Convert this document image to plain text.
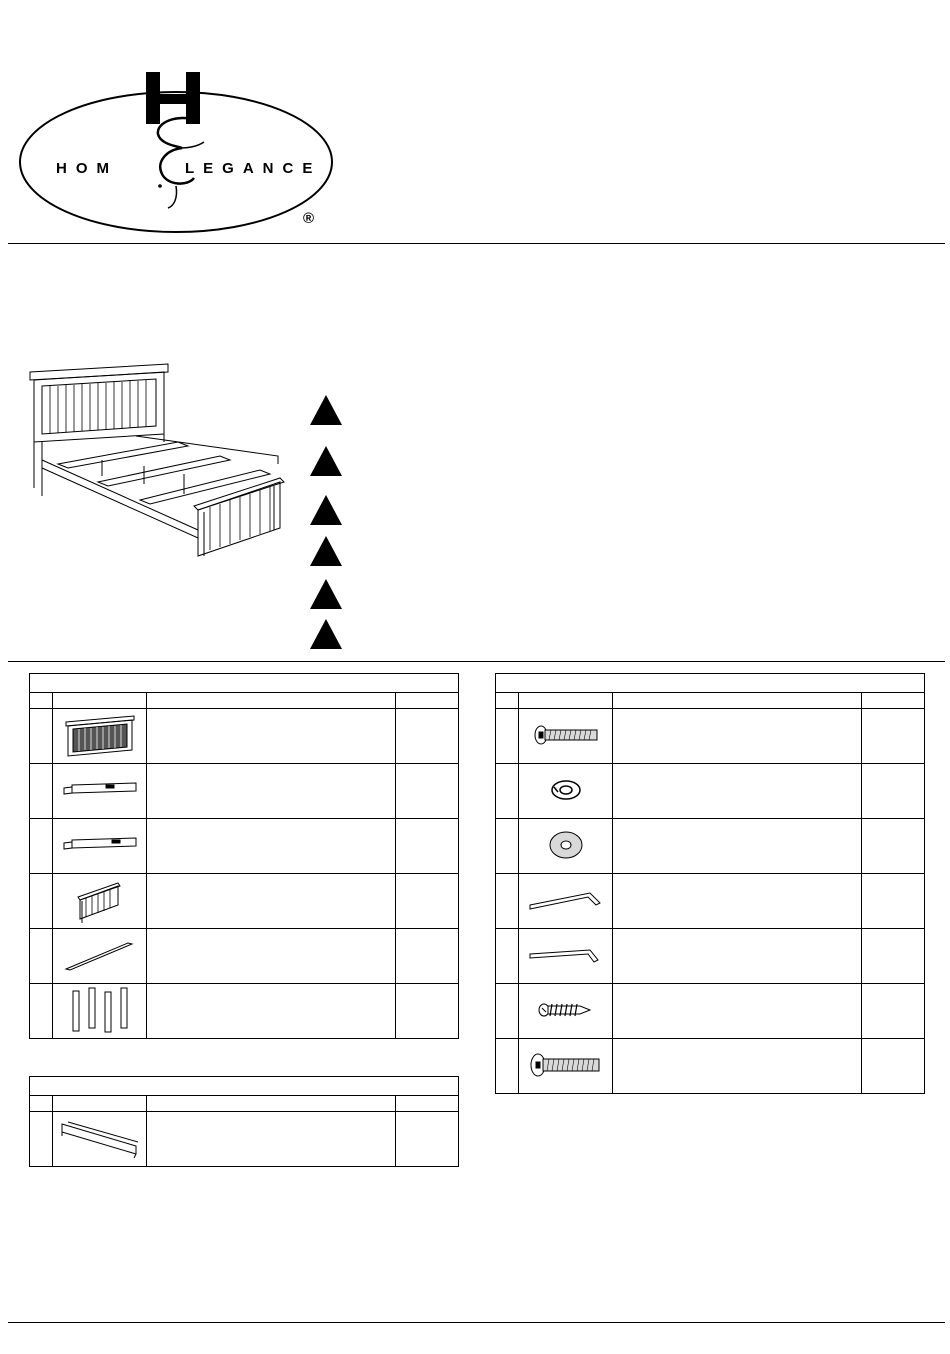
HOM	LEGANCE
®
